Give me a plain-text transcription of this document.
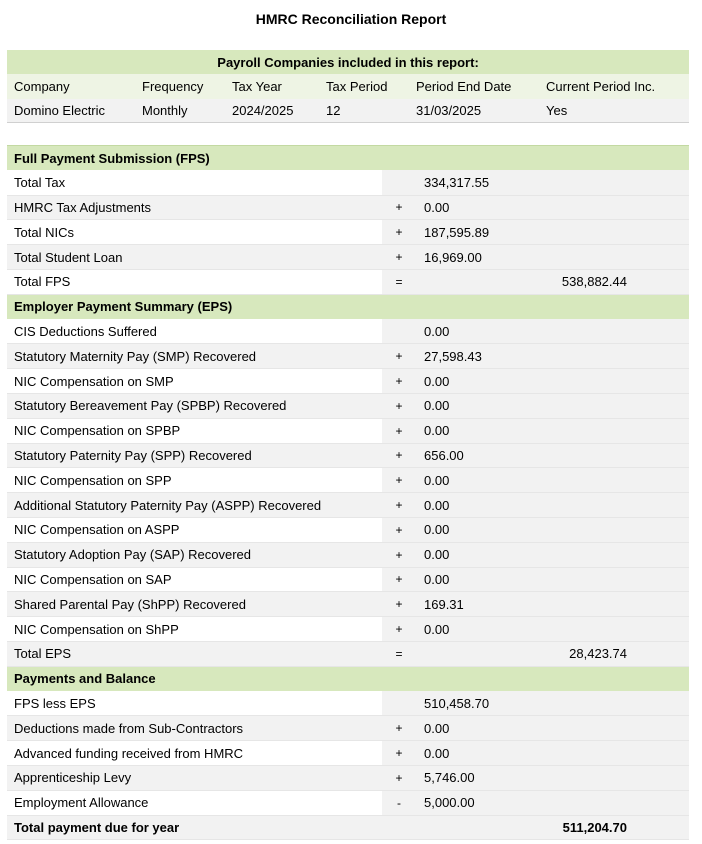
HMRC Reconciliation Report
Payroll Companies included in this report:					
Company	Frequency	Tax Year	Tax Period	Period End Date	Current Period Inc.
Domino Electric	Monthly	2024/2025	12	31/03/2025	Yes
Full Payment Submission (FPS)			
Total Tax		334,317.55	
HMRC Tax Adjustments	+	0.00	
Total NICs	+	187,595.89	
Total Student Loan	+	16,969.00	
Total FPS	=		538,882.44
Employer Payment Summary (EPS)			
CIS Deductions Suffered		0.00	
Statutory Maternity Pay (SMP) Recovered	+	27,598.43	
NIC Compensation on SMP	+	0.00	
Statutory Bereavement Pay (SPBP) Recovered	+	0.00	
NIC Compensation on SPBP	+	0.00	
Statutory Paternity Pay (SPP) Recovered	+	656.00	
NIC Compensation on SPP	+	0.00	
Additional Statutory Paternity Pay (ASPP) Recovered	+	0.00	
NIC Compensation on ASPP	+	0.00	
Statutory Adoption Pay (SAP) Recovered	+	0.00	
NIC Compensation on SAP	+	0.00	
Shared Parental Pay (ShPP) Recovered	+	169.31	
NIC Compensation on ShPP	+	0.00	
Total EPS	=		28,423.74
Payments and Balance			
FPS less EPS		510,458.70	
Deductions made from Sub-Contractors	+	0.00	
Advanced funding received from HMRC	+	0.00	
Apprenticeship Levy	+	5,746.00	
Employment Allowance	-	5,000.00	
Total payment due for year			511,204.70
